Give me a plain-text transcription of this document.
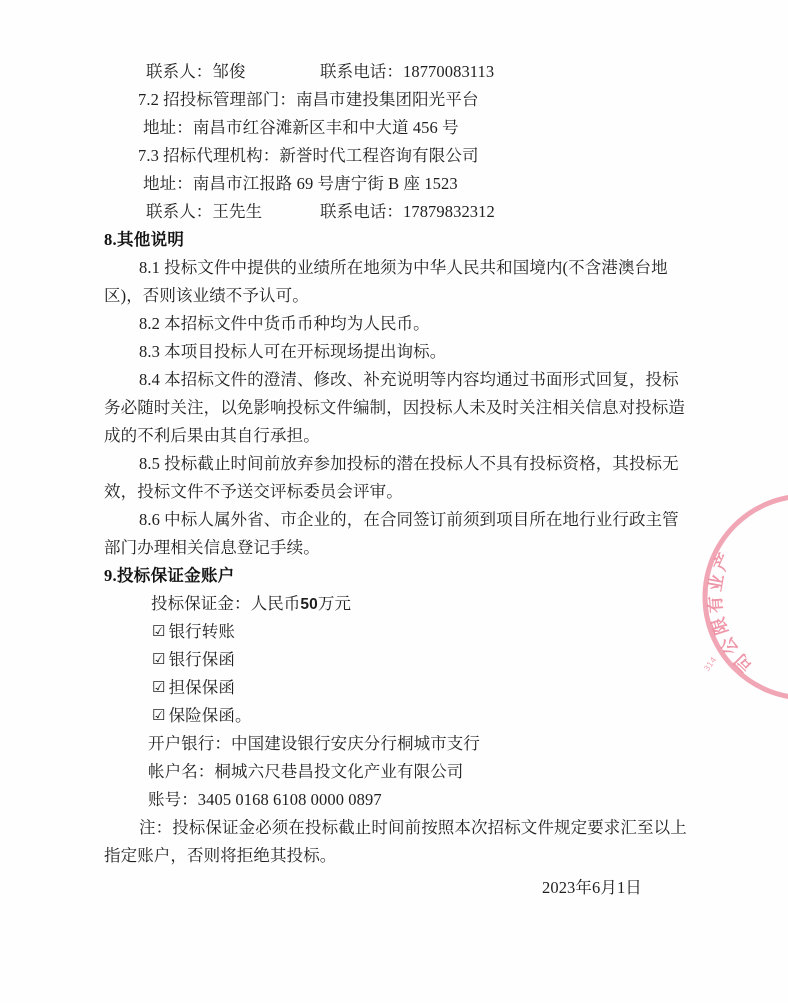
联系人：邹俊	联系电话：18770083113
7.2 招投标管理部门：南昌市建投集团阳光平台
地址：南昌市红谷滩新区丰和中大道 456 号
7.3 招标代理机构：新誉时代工程咨询有限公司
地址：南昌市江报路 69 号唐宁街 B 座 1523
联系人：王先生	联系电话：17879832312
8.其他说明
8.1 投标文件中提供的业绩所在地须为中华人民共和国境内(不含港澳台地
区)，否则该业绩不予认可。
8.2 本招标文件中货币币种均为人民币。
8.3 本项目投标人可在开标现场提出询标。
8.4 本招标文件的澄清、修改、补充说明等内容均通过书面形式回复，投标
务必随时关注，以免影响投标文件编制，因投标人未及时关注相关信息对投标造
成的不利后果由其自行承担。
8.5 投标截止时间前放弃参加投标的潜在投标人不具有投标资格，其投标无
效，投标文件不予送交评标委员会评审。
8.6 中标人属外省、市企业的，在合同签订前须到项目所在地行业行政主管
部门办理相关信息登记手续。
9.投标保证金账户
投标保证金：人民币50万元
☑ 银行转账
☑ 银行保函
☑ 担保保函
☑ 保险保函。
开户银行：中国建设银行安庆分行桐城市支行
帐户名：桐城六尺巷昌投文化产业有限公司
账号：3405 0168 6108 0000 0897
注：投标保证金必须在投标截止时间前按照本次招标文件规定要求汇至以上
指定账户，否则将拒绝其投标。
2023年6月1日
司公限有业产
314
